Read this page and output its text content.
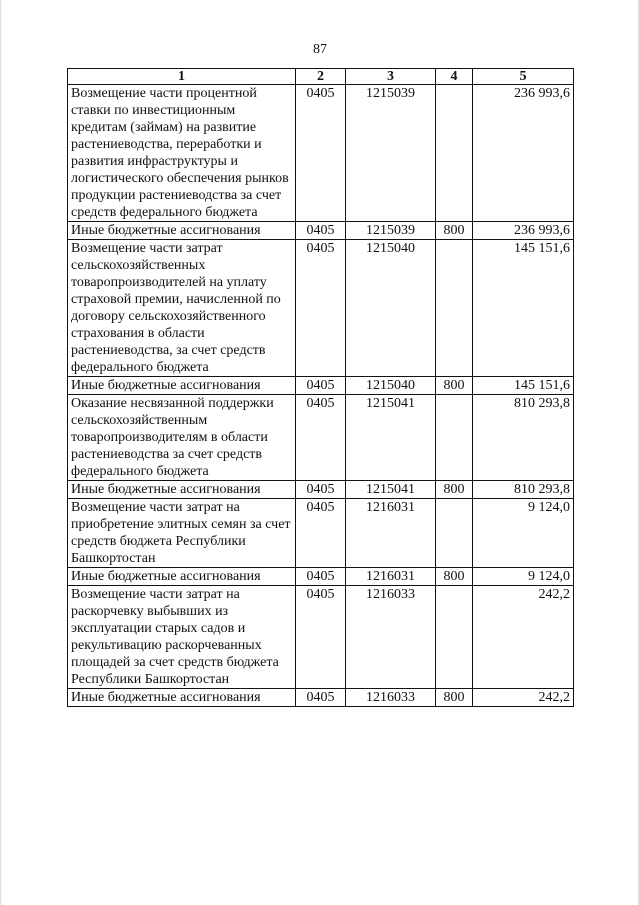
87
1	2	3	4	5
Возмещение части процентной ставки по инвестиционным кредитам (займам) на развитие растениеводства, переработки и развития инфраструктуры и логистического обеспечения рынков продукции растениеводства за счет средств федерального бюджета	0405	1215039		236 993,6
Иные бюджетные ассигнования	0405	1215039	800	236 993,6
Возмещение части затрат сельскохозяйственных товаропроизводителей на уплату страховой премии, начисленной по договору сельскохозяйственного страхования в области растениеводства, за счет средств федерального бюджета	0405	1215040		145 151,6
Иные бюджетные ассигнования	0405	1215040	800	145 151,6
Оказание несвязанной поддержки сельскохозяйственным товаропроизводителям в области растениеводства за счет средств федерального бюджета	0405	1215041		810 293,8
Иные бюджетные ассигнования	0405	1215041	800	810 293,8
Возмещение части затрат на приобретение элитных семян за счет средств бюджета Республики Башкортостан	0405	1216031		9 124,0
Иные бюджетные ассигнования	0405	1216031	800	9 124,0
Возмещение части затрат на раскорчевку выбывших из эксплуатации старых садов и рекультивацию раскорчеванных площадей за счет средств бюджета Республики Башкортостан	0405	1216033		242,2
Иные бюджетные ассигнования	0405	1216033	800	242,2
